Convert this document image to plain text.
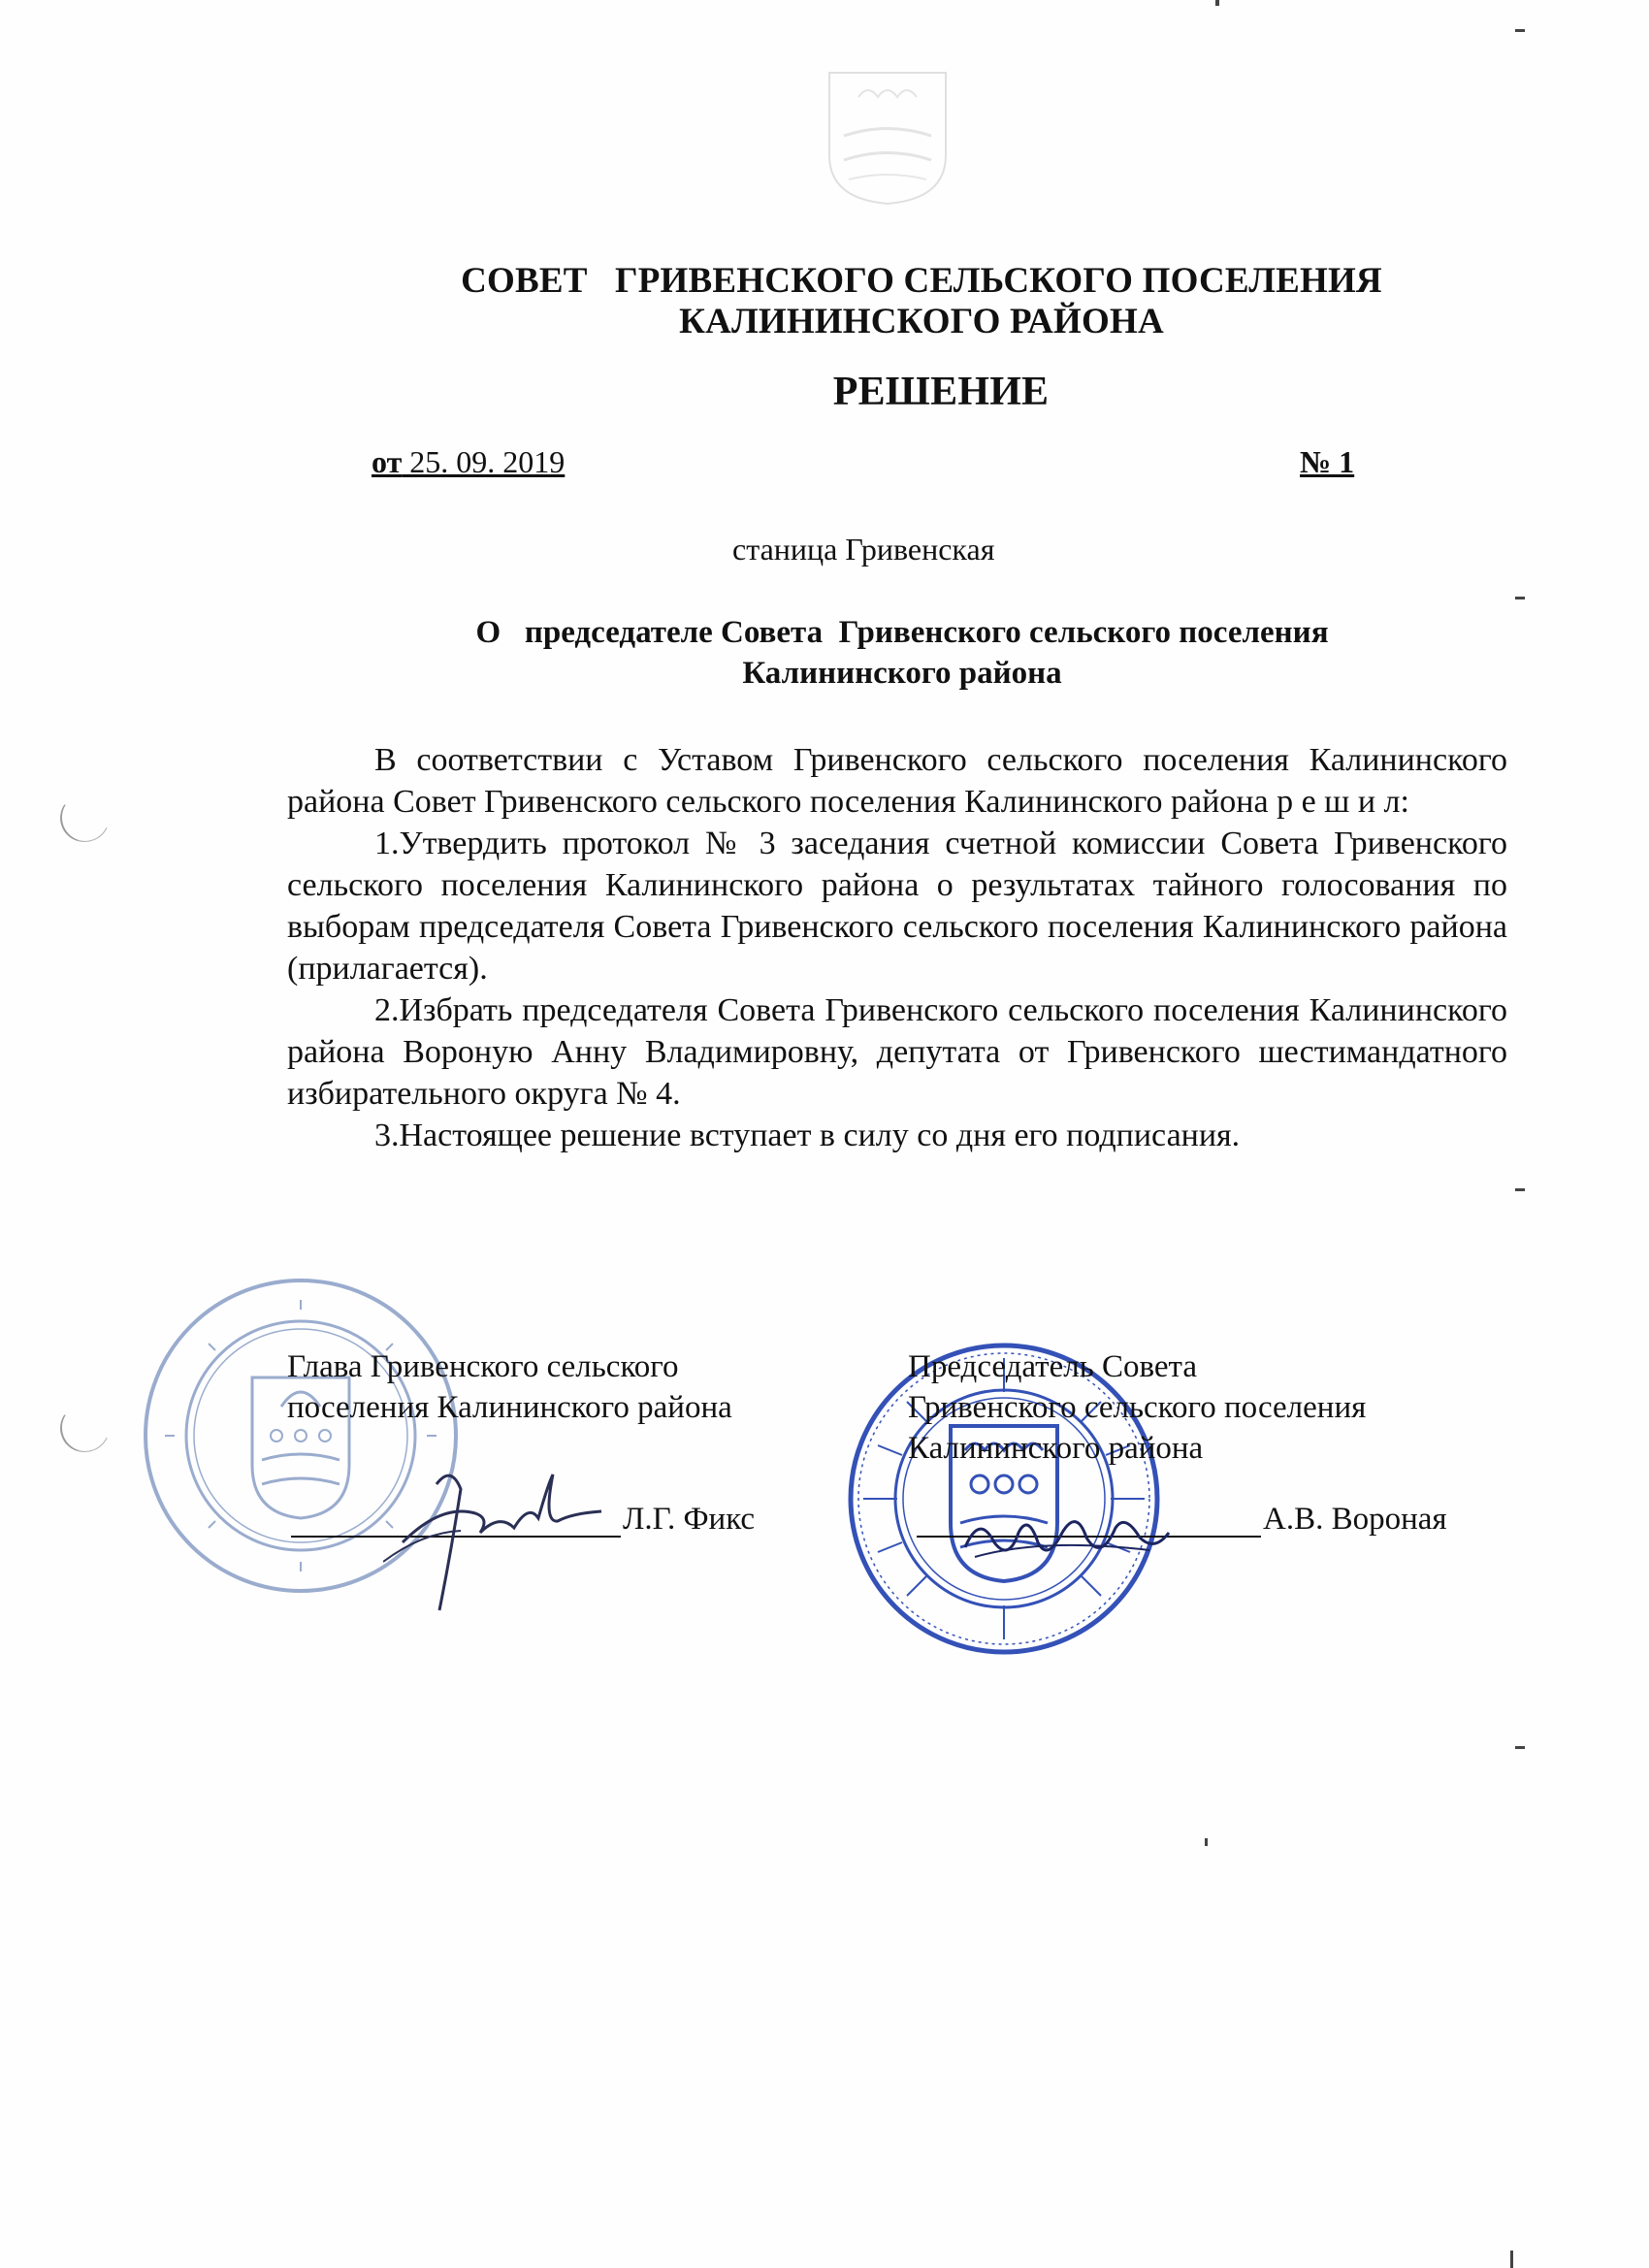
СОВЕТ   ГРИВЕНСКОГО СЕЛЬСКОГО ПОСЕЛЕНИЯ
КАЛИНИНСКОГО РАЙОНА
РЕШЕНИЕ
от 25. 09. 2019	№ 1
станица Гривенская
О   председателе Совета  Гривенского сельского поселения
Калининского района

В соответствии с Уставом Гривенского сельского поселения Калининского района Совет Гривенского сельского поселения Калининского района р е ш и л:

1.Утвердить протокол № 3 заседания счетной комиссии Совета Гривенского сельского поселения Калининского района о результатах тайного голосования по выборам председателя Совета Гривенского сельского поселения Калининского района (прилагается).

2.Избрать председателя Совета Гривенского сельского поселения Калининского района Вороную Анну Владимировну, депутата от Гривенского шестимандатного избирательного округа № 4.

3.Настоящее решение вступает в силу со дня его подписания.

Глава Гривенского сельского
поселения Калининского района
Председатель Совета
Гривенского сельского поселения
Калининского района
Л.Г. Фикс	А.В. Вороная
